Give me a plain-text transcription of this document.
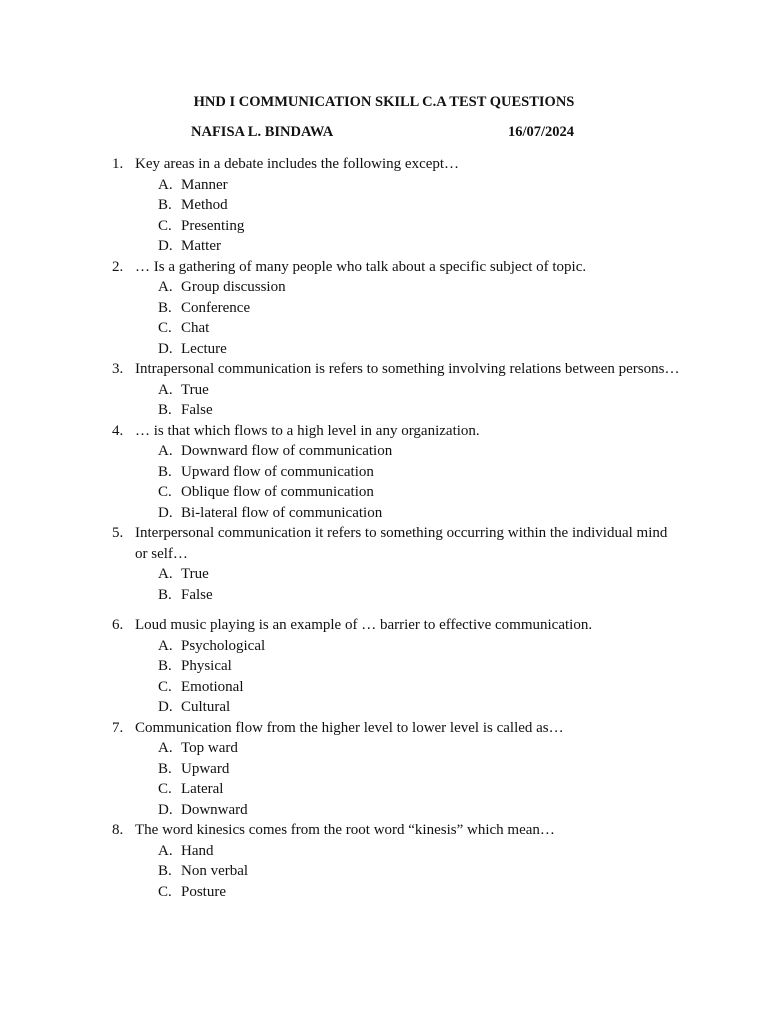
HND I COMMUNICATION SKILL C.A TEST QUESTIONS
NAFISA L. BINDAWA	16/07/2024
1. Key areas in a debate includes the following except…
A. Manner
B. Method
C. Presenting
D. Matter
2. … Is a gathering of many people who talk about a specific subject of topic.
A. Group discussion
B. Conference
C. Chat
D. Lecture
3. Intrapersonal communication is refers to something involving relations between persons…
A. True
B. False
4. … is that which flows to a high level in any organization.
A. Downward flow of communication
B. Upward flow of communication
C. Oblique flow of communication
D. Bi-lateral flow of communication
5. Interpersonal communication it refers to something occurring within the individual mind or self…
A. True
B. False
6. Loud music playing is an example of … barrier to effective communication.
A. Psychological
B. Physical
C. Emotional
D. Cultural
7. Communication flow from the higher level to lower level is called as…
A. Top ward
B. Upward
C. Lateral
D. Downward
8. The word kinesics comes from the root word “kinesis” which mean…
A. Hand
B. Non verbal
C. Posture
